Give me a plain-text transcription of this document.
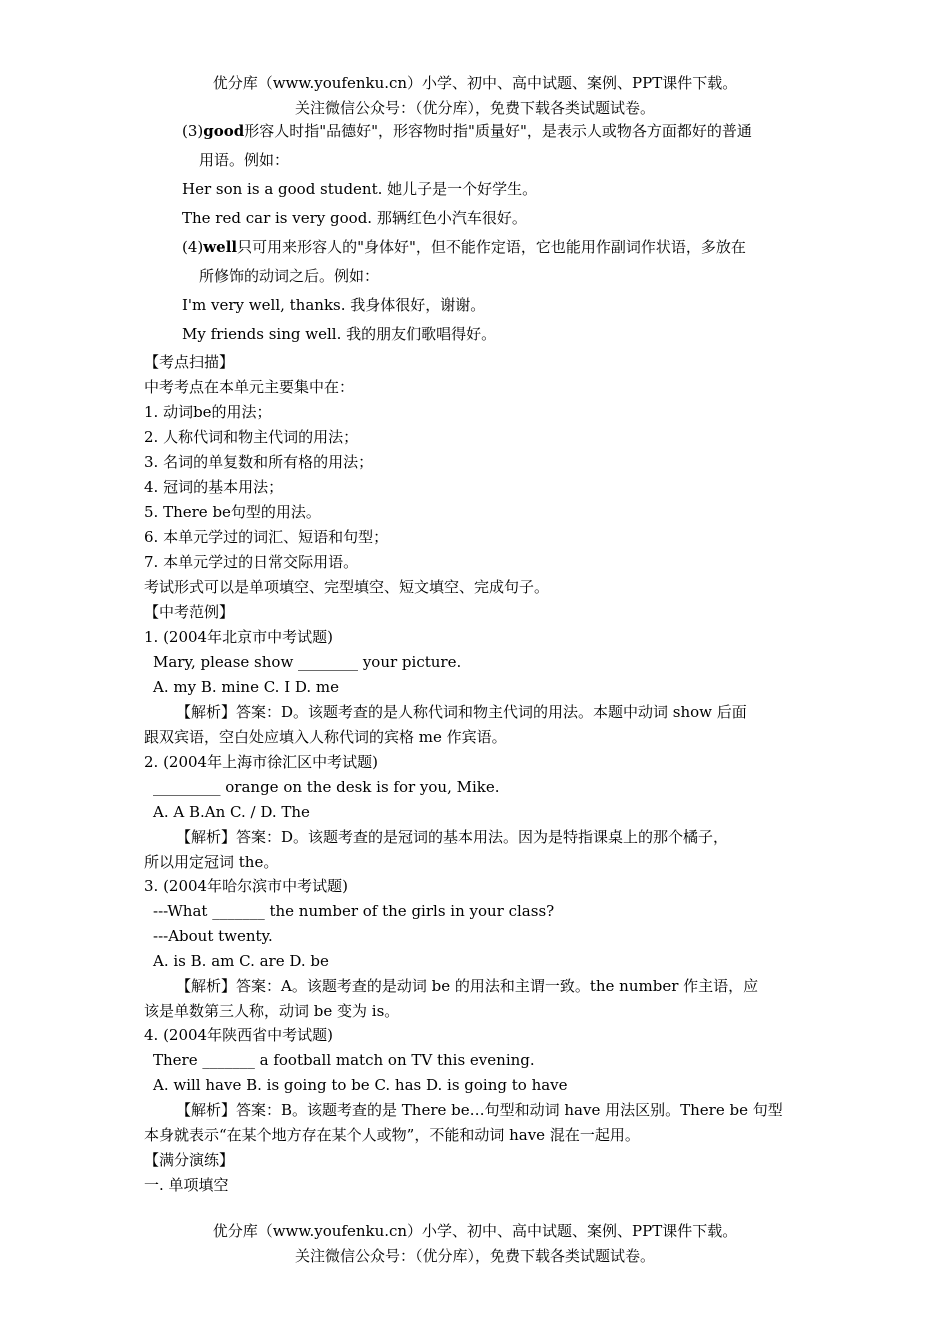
优分库（www.youfenku.cn）小学、初中、高中试题、案例、PPT课件下载。
关注微信公众号：（优分库），免费下载各类试题试卷。
(3)good形容人时指"品德好"，形容物时指"质量好"，是表示人或物各方面都好的普通
用语。例如：
Her son is a good student. 她儿子是一个好学生。
The red car is very good. 那辆红色小汽车很好。
(4)well只可用来形容人的"身体好"，但不能作定语，它也能用作副词作状语，多放在
所修饰的动词之后。例如：
I'm very well, thanks. 我身体很好，谢谢。
My friends sing well. 我的朋友们歌唱得好。
【考点扫描】
中考考点在本单元主要集中在：
1. 动词be的用法；
2. 人称代词和物主代词的用法；
3. 名词的单复数和所有格的用法；
4. 冠词的基本用法；
5. There be句型的用法。
6. 本单元学过的词汇、短语和句型；
7. 本单元学过的日常交际用语。
考试形式可以是单项填空、完型填空、短文填空、完成句子。
【中考范例】
1. (2004年北京市中考试题)
Mary, please show ________ your picture.
A. my B. mine C. I D. me
【解析】答案：D。该题考查的是人称代词和物主代词的用法。本题中动词 show 后面
跟双宾语，空白处应填入人称代词的宾格 me 作宾语。
2. (2004年上海市徐汇区中考试题)
_________ orange on the desk is for you, Mike.
A. A B.An C. / D. The
【解析】答案：D。该题考查的是冠词的基本用法。因为是特指课桌上的那个橘子，
所以用定冠词 the。
3. (2004年哈尔滨市中考试题)
---What _______ the number of the girls in your class?
---About twenty.
A. is B. am C. are D. be
【解析】答案：A。该题考查的是动词 be 的用法和主谓一致。the number 作主语，应
该是单数第三人称，动词 be 变为 is。
4. (2004年陕西省中考试题)
There _______ a football match on TV this evening.
A. will have B. is going to be C. has D. is going to have
【解析】答案：B。该题考查的是 There be…句型和动词 have 用法区别。There be 句型
本身就表示“在某个地方存在某个人或物”，不能和动词 have 混在一起用。
【满分演练】
一. 单项填空
优分库（www.youfenku.cn）小学、初中、高中试题、案例、PPT课件下载。
关注微信公众号：（优分库），免费下载各类试题试卷。
